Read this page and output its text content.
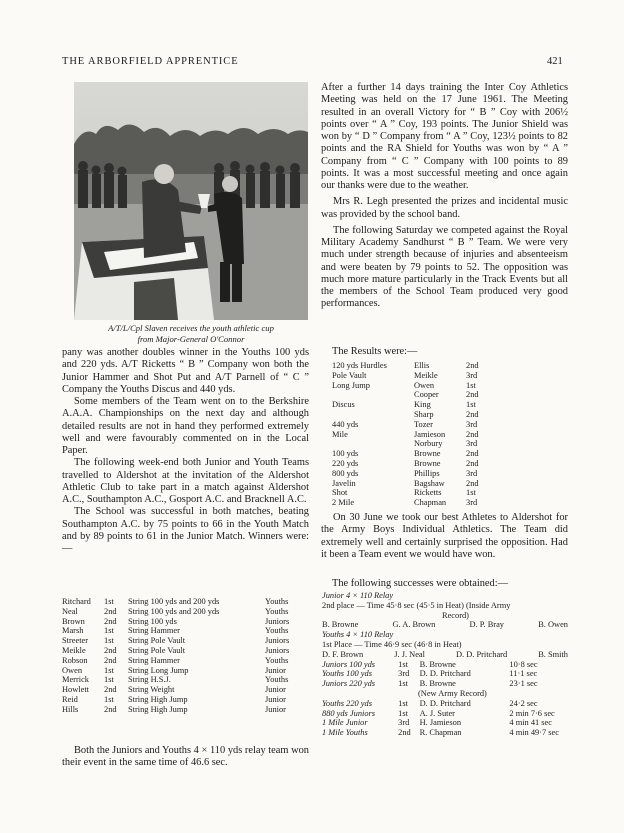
THE ARBORFIELD APPRENTICE	421
A/T/L/Cpl Slaven receives the youth athletic cup
from Major-General O'Connor

After a further 14 days training the Inter Coy Athletics Meeting was held on the 17 June 1961. The Meeting resulted in an overall Victory for “ B ” Coy with 206½ points over “ A ” Coy, 193 points. The Junior Shield was won by “ D ” Company from “ A ” Coy, 123½ points to 82 points and the RA Shield for Youths was won by “ A ” Company from “ C ” Company with 100 points to 89 points. It was a most successful meeting and once again our thanks were due to the weather.

Mrs R. Legh presented the prizes and incidental music was provided by the school band.

The following Saturday we competed against the Royal Military Academy Sandhurst “ B ” Team. We were very much under strength because of injuries and absenteeism and were beaten by 79 points to 52. The opposition was much more mature particularly in the Track Events but all the members of the School Team produced very good performances.

The Results were:—
120 yds Hurdles	Ellis	2nd
Pole Vault	Meikle	3rd
Long Jump	Owen	1st
Cooper	2nd
Discus	King	1st
Sharp	2nd
440 yds	Tozer	3rd
Mile	Jamieson	2nd
Norbury	3rd
100 yds	Browne	2nd
220 yds	Browne	2nd
800 yds	Phillips	3rd
Javelin	Bagshaw	2nd
Shot	Ricketts	1st
2 Mile	Chapman	3rd

On 30 June we took our best Athletes to Aldershot for the Army Boys Individual Athletics. The Team did extremely well and certainly surprised the opposition. Had it been a Team event we would have won.

The following successes were obtained:—
Junior 4 × 110 Relay
2nd place — Time 45·8 sec (45·5 in Heat) (Inside Army
Record)
B. Browne	G. A. Brown	D. P. Bray	B. Owen
Youths 4 × 110 Relay
1st Place — Time 46·9 sec (46·8 in Heat)
D. F. Brown	J. J. Neal	D. D. Pritchard	B. Smith
Juniors 100 yds	1st	B. Browne	10·8 sec
Youths 100 yds	3rd	D. D. Pritchard	11·1 sec
Juniors 220 yds	1st	B. Browne	23·1 sec
(New Army Record)
Youths 220 yds	1st	D. D. Pritchard	24·2 sec
880 yds Juniors	1st	A. J. Suter	2 min 7·6 sec
1 Mile Junior	3rd	H. Jamieson	4 min 41 sec
1 Mile Youths	2nd	R. Chapman	4 min 49·7 sec

pany was another doubles winner in the Youths 100 yds and 220 yds. A/T Ricketts “ B ” Company won both the Junior Hammer and Shot Put and A/T Parnell of “ C ” Company the Youths Discus and 440 yds.

Some members of the Team went on to the Berkshire A.A.A. Championships on the next day and although detailed results are not in hand they performed extremely well and were favourably commented on in the Local Paper.

The following week-end both Junior and Youth Teams travelled to Aldershot at the invitation of the Aldershot Athletic Club to take part in a match against Aldershot A.C., Southampton A.C., Gosport A.C. and Bracknell A.C.

The School was successful in both matches, beating Southampton A.C. by 75 points to 66 in the Youth Match and by 89 points to 61 in the Junior Match. Winners were:—

Ritchard	1st	String 100 yds and 200 yds	Youths
Neal	2nd	String 100 yds and 200 yds	Youths
Brown	2nd	String 100 yds	Juniors
Marsh	1st	String Hammer	Youths
Streeter	1st	String Pole Vault	Juniors
Meikle	2nd	String Pole Vault	Juniors
Robson	2nd	String Hammer	Youths
Owen	1st	String Long Jump	Junior
Merrick	1st	String H.S.J.	Youths
Howlett	2nd	String Weight	Junior
Reid	1st	String High Jump	Junior
Hills	2nd	String High Jump	Junior

Both the Juniors and Youths 4 × 110 yds relay team won their event in the same time of 46.6 sec.
